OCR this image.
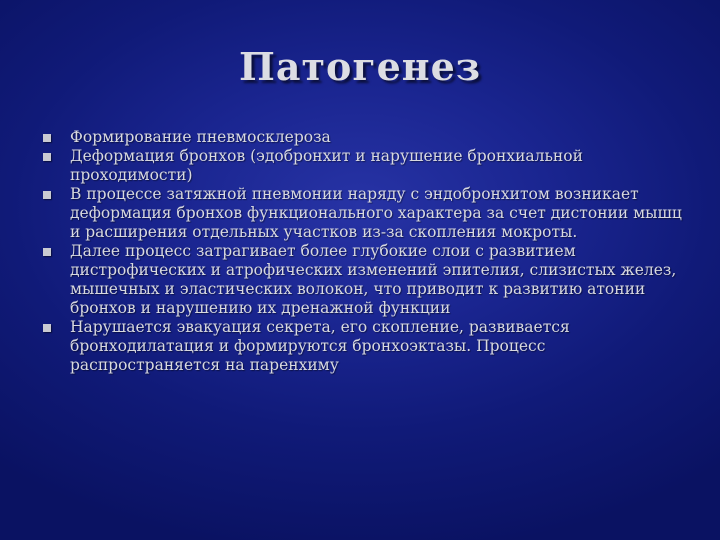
Патогенез
Формирование пневмосклероза
Деформация бронхов (эдобронхит и нарушение бронхиальной проходимости)
В процессе затяжной пневмонии наряду с эндобронхитом возникает деформация бронхов функционального характера за счет дистонии мышц и расширения отдельных участков из-за скопления мокроты.
Далее процесс затрагивает более глубокие слои с развитием дистрофических и атрофических изменений эпителия, слизистых желез, мышечных и эластических волокон, что приводит к развитию атонии бронхов и нарушению их дренажной функции
Нарушается эвакуация секрета, его скопление, развивается бронходилатация и формируются бронхоэктазы. Процесс распространяется на паренхиму
